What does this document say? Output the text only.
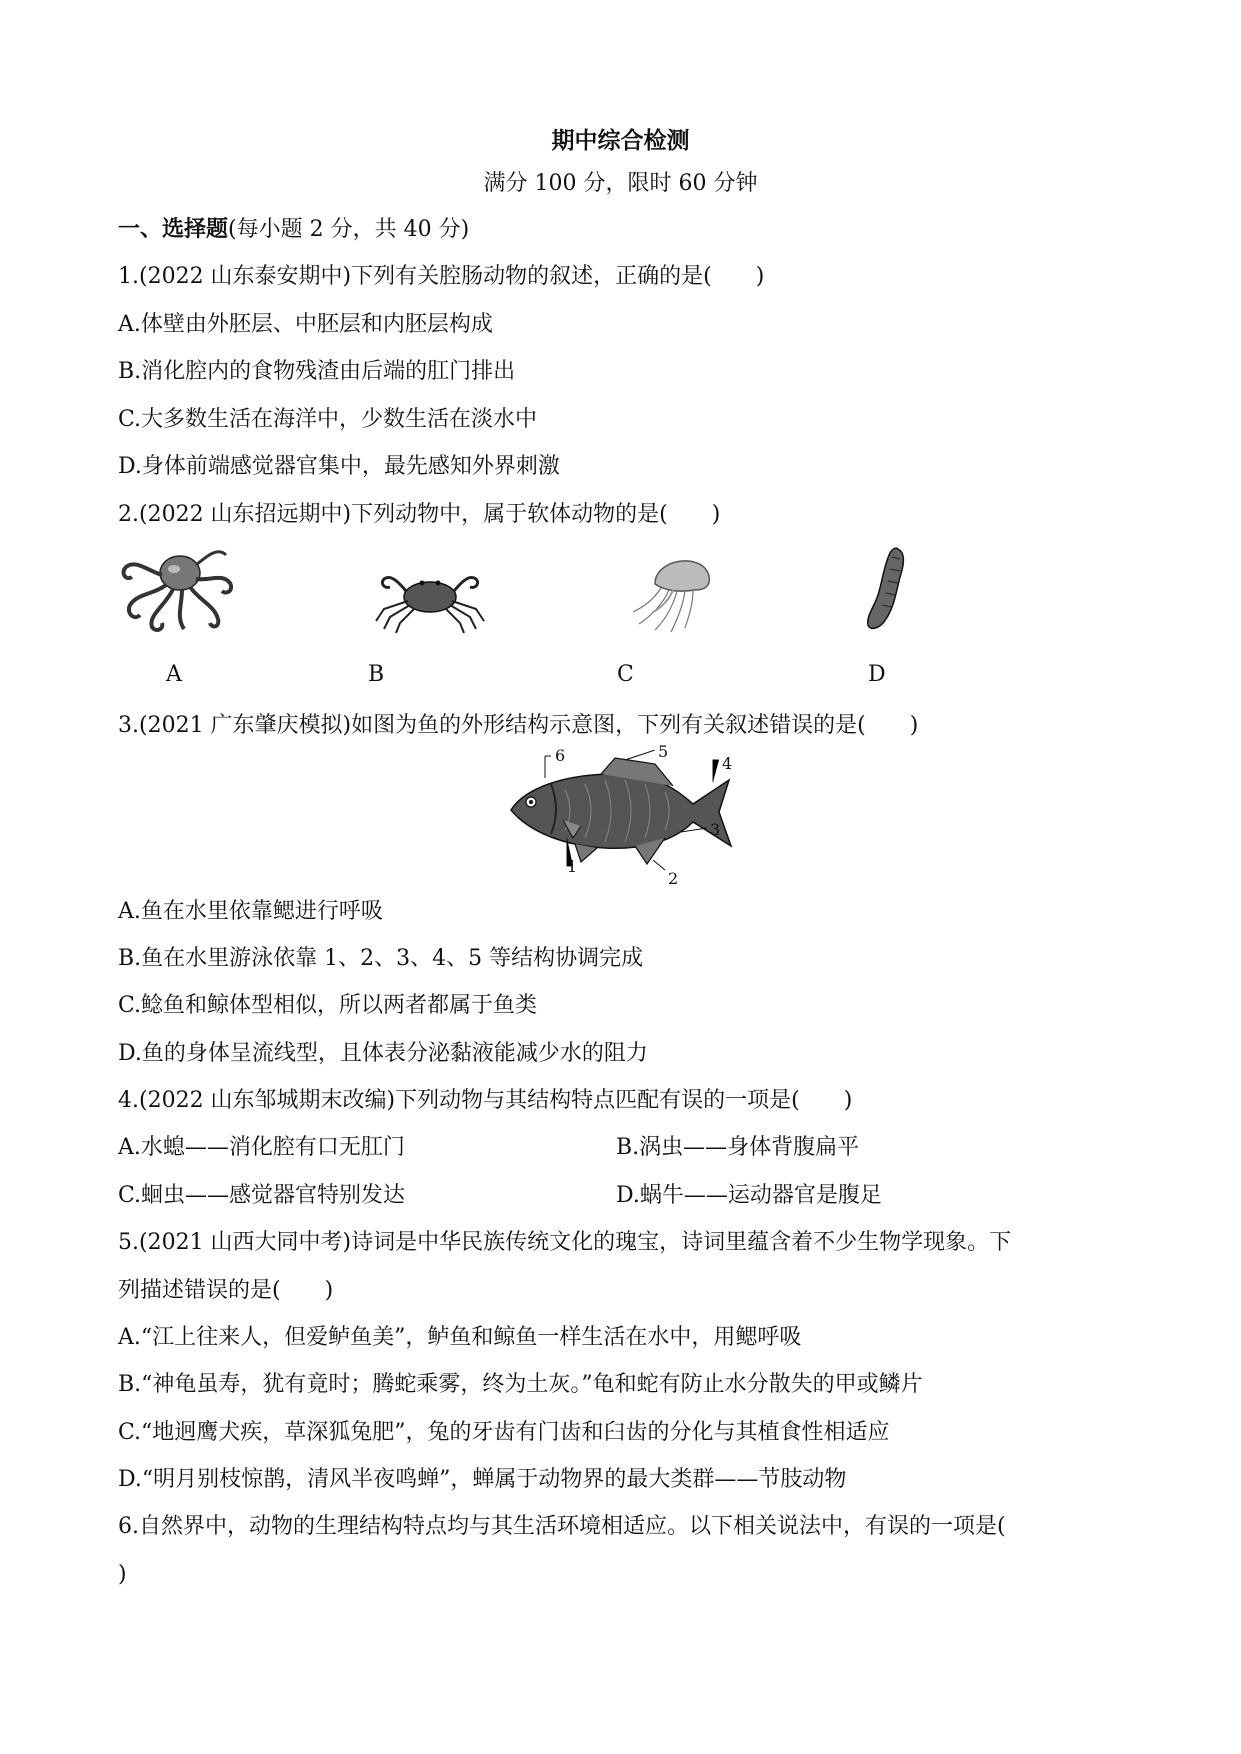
期中综合检测
满分 100 分，限时 60 分钟
一、选择题(每小题 2 分，共 40 分)
1.(2022 山东泰安期中)下列有关腔肠动物的叙述，正确的是(　　)
A.体壁由外胚层、中胚层和内胚层构成
B.消化腔内的食物残渣由后端的肛门排出
C.大多数生活在海洋中，少数生活在淡水中
D.身体前端感觉器官集中，最先感知外界刺激
2.(2022 山东招远期中)下列动物中，属于软体动物的是(　　)
A	B	C	D
3.(2021 广东肇庆模拟)如图为鱼的外形结构示意图，下列有关叙述错误的是(　　)
1
2
3
4
5
6
A.鱼在水里依靠鳃进行呼吸
B.鱼在水里游泳依靠 1、2、3、4、5 等结构协调完成
C.鲶鱼和鲸体型相似，所以两者都属于鱼类
D.鱼的身体呈流线型，且体表分泌黏液能减少水的阻力
4.(2022 山东邹城期末改编)下列动物与其结构特点匹配有误的一项是(　　)
A.水螅——消化腔有口无肛门	B.涡虫——身体背腹扁平
C.蛔虫——感觉器官特别发达	D.蜗牛——运动器官是腹足
5.(2021 山西大同中考)诗词是中华民族传统文化的瑰宝，诗词里蕴含着不少生物学现象。下
列描述错误的是(　　)
A.“江上往来人，但爱鲈鱼美”，鲈鱼和鲸鱼一样生活在水中，用鳃呼吸
B.“神龟虽寿，犹有竟时；腾蛇乘雾，终为土灰。”龟和蛇有防止水分散失的甲或鳞片
C.“地迥鹰犬疾，草深狐兔肥”，兔的牙齿有门齿和臼齿的分化与其植食性相适应
D.“明月别枝惊鹊，清风半夜鸣蝉”，蝉属于动物界的最大类群——节肢动物
6.自然界中，动物的生理结构特点均与其生活环境相适应。以下相关说法中，有误的一项是(
)
